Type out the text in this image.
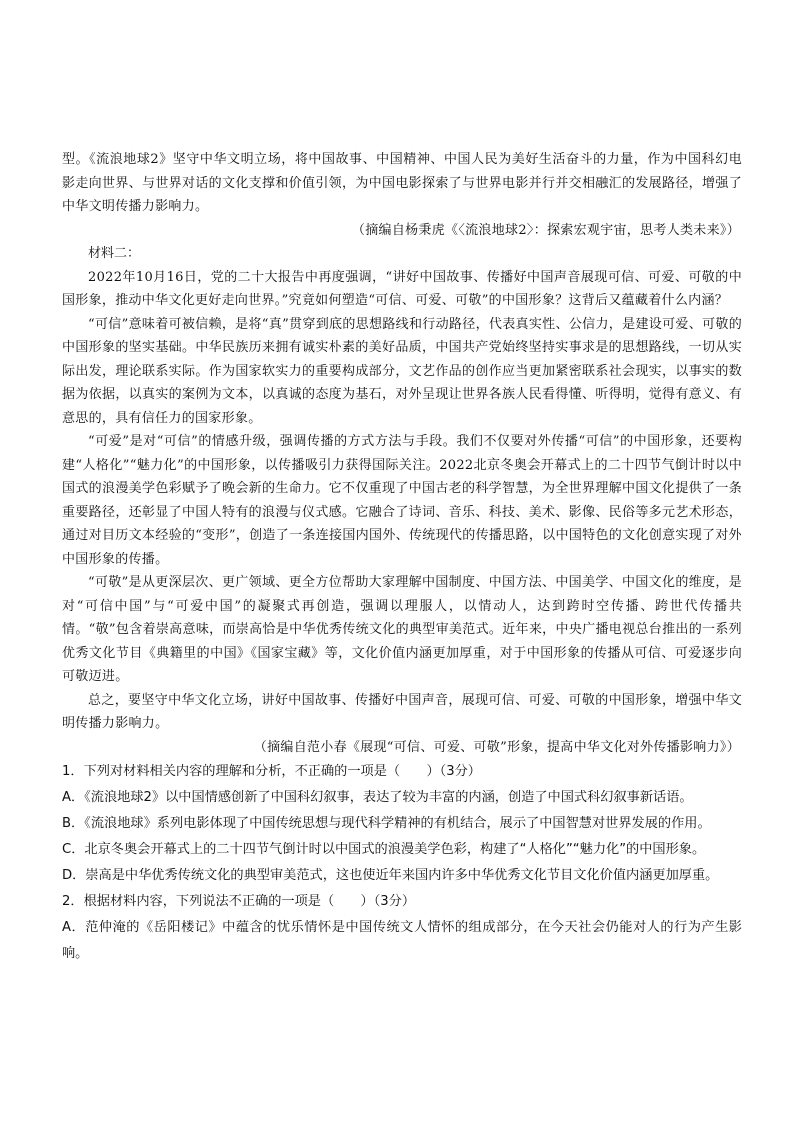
型。《流浪地球2》坚守中华文明立场，将中国故事、中国精神、中国人民为美好生活奋斗的力量，作为中国科幻电影走向世界、与世界对话的文化支撑和价值引领，为中国电影探索了与世界电影并行并交相融汇的发展路径，增强了中华文明传播力影响力。

（摘编自杨秉虎《〈流浪地球2〉：探索宏观宇宙，思考人类未来》）

材料二：

2022年10月16日，党的二十大报告中再度强调，“讲好中国故事、传播好中国声音展现可信、可爱、可敬的中国形象，推动中华文化更好走向世界。”究竟如何塑造“可信、可爱、可敬”的中国形象？这背后又蕴藏着什么内涵？

“可信”意味着可被信赖，是将“真”贯穿到底的思想路线和行动路径，代表真实性、公信力，是建设可爱、可敬的中国形象的坚实基础。中华民族历来拥有诚实朴素的美好品质，中国共产党始终坚持实事求是的思想路线，一切从实际出发，理论联系实际。作为国家软实力的重要构成部分，文艺作品的创作应当更加紧密联系社会现实，以事实的数据为依据，以真实的案例为文本，以真诚的态度为基石，对外呈现让世界各族人民看得懂、听得明，觉得有意义、有意思的，具有信任力的国家形象。

“可爱”是对“可信”的情感升级，强调传播的方式方法与手段。我们不仅要对外传播“可信”的中国形象，还要构建“人格化”“魅力化”的中国形象，以传播吸引力获得国际关注。2022北京冬奥会开幕式上的二十四节气倒计时以中国式的浪漫美学色彩赋予了晚会新的生命力。它不仅重现了中国古老的科学智慧，为全世界理解中国文化提供了一条重要路径，还彰显了中国人特有的浪漫与仪式感。它融合了诗词、音乐、科技、美术、影像、民俗等多元艺术形态，通过对目历文本经验的“变形”，创造了一条连接国内国外、传统现代的传播思路，以中国特色的文化创意实现了对外中国形象的传播。

“可敬”是从更深层次、更广领域、更全方位帮助大家理解中国制度、中国方法、中国美学、中国文化的维度，是对“可信中国”与“可爱中国”的凝聚式再创造，强调以理服人，以情动人，达到跨时空传播、跨世代传播共情。“敬”包含着崇高意味，而崇高恰是中华优秀传统文化的典型审美范式。近年来，中央广播电视总台推出的一系列优秀文化节目《典籍里的中国》《国家宝藏》等，文化价值内涵更加厚重，对于中国形象的传播从可信、可爱逐步向可敬迈进。

总之，要坚守中华文化立场，讲好中国故事、传播好中国声音，展现可信、可爱、可敬的中国形象，增强中华文明传播力影响力。

（摘编自范小春《展现“可信、可爱、可敬”形象，提高中华文化对外传播影响力》）

1．下列对材料相关内容的理解和分析，不正确的一项是（　　）（3分）

A．《流浪地球2》以中国情感创新了中国科幻叙事，表达了较为丰富的内涵，创造了中国式科幻叙事新话语。

B．《流浪地球》系列电影体现了中国传统思想与现代科学精神的有机结合，展示了中国智慧对世界发展的作用。

C．北京冬奥会开幕式上的二十四节气倒计时以中国式的浪漫美学色彩，构建了“人格化”“魅力化”的中国形象。

D．崇高是中华优秀传统文化的典型审美范式，这也使近年来国内许多中华优秀文化节目文化价值内涵更加厚重。

2．根据材料内容，下列说法不正确的一项是（　　）（3分）

A．范仲淹的《岳阳楼记》中蕴含的忧乐情怀是中国传统文人情怀的组成部分，在今天社会仍能对人的行为产生影响。
